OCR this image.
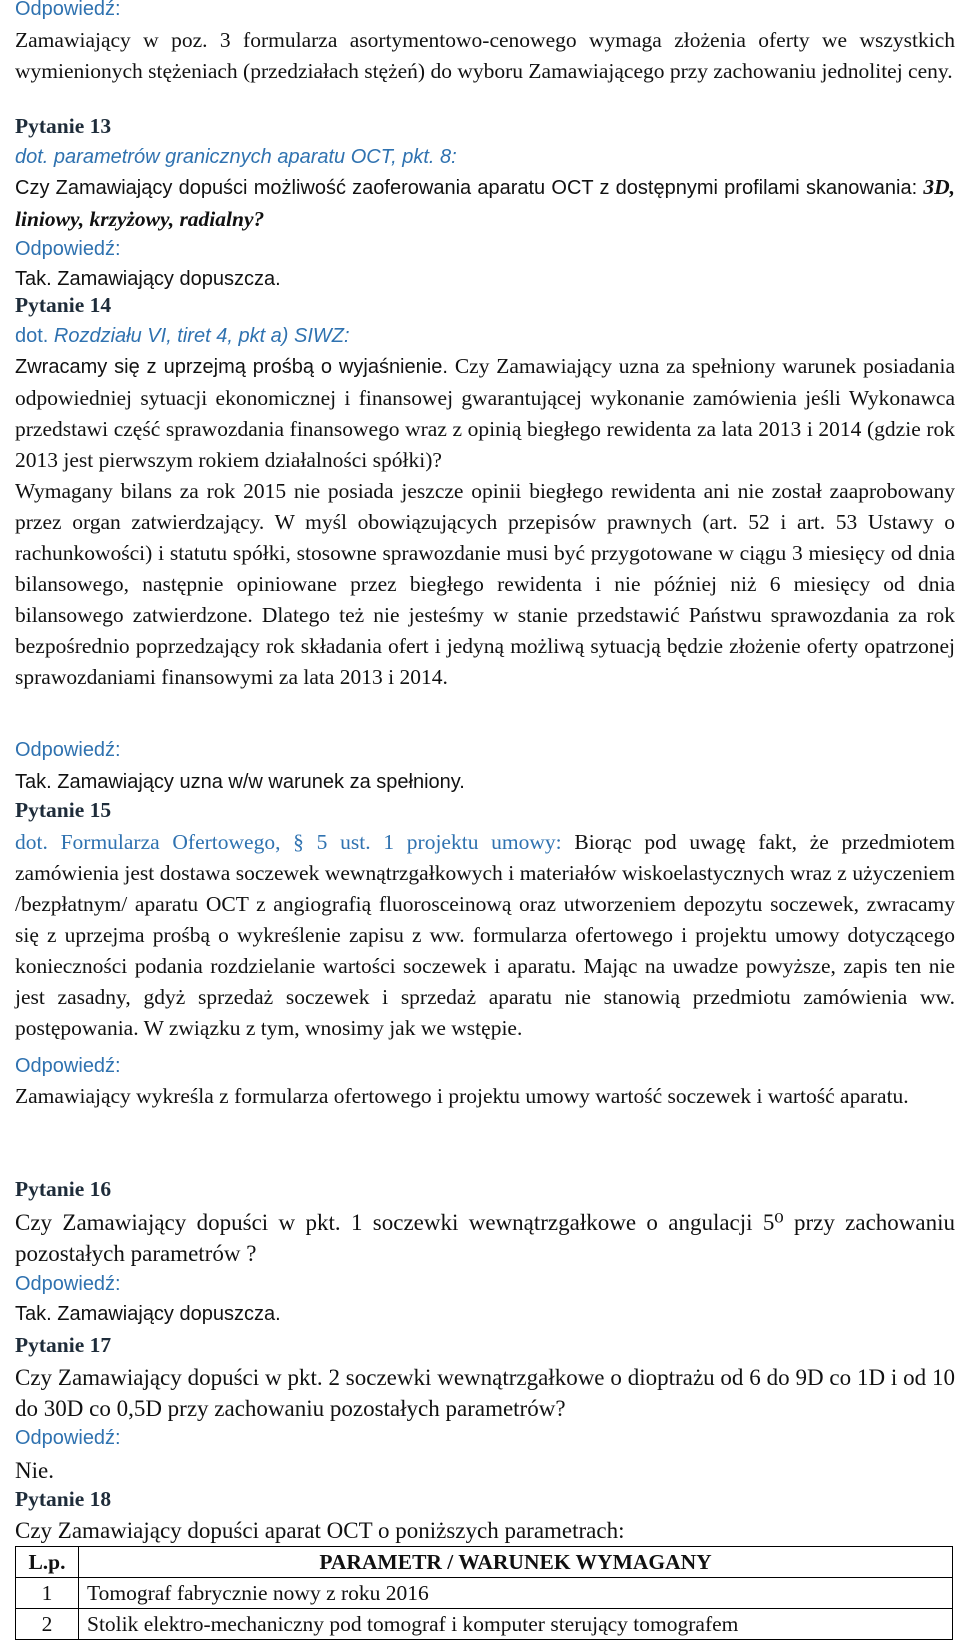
Odpowiedź:

Zamawiający w poz. 3 formularza asortymentowo-cenowego wymaga złożenia oferty we wszystkich wymienionych stężeniach (przedziałach stężeń) do wyboru Zamawiającego przy zachowaniu jednolitej ceny.

Pytanie 13

dot. parametrów granicznych aparatu OCT, pkt. 8:

Czy Zamawiający dopuści możliwość zaoferowania aparatu OCT z dostępnymi profilami skanowania: 3D, liniowy, krzyżowy, radialny?

Odpowiedź:

Tak. Zamawiający dopuszcza.

Pytanie 14

dot. Rozdziału VI, tiret 4, pkt a) SIWZ:

Zwracamy się z uprzejmą prośbą o wyjaśnienie. Czy Zamawiający uzna za spełniony warunek posiadania odpowiedniej sytuacji ekonomicznej i finansowej gwarantującej wykonanie zamówienia jeśli Wykonawca przedstawi część sprawozdania finansowego wraz z opinią biegłego rewidenta za lata 2013 i 2014 (gdzie rok 2013 jest pierwszym rokiem działalności spółki)?

Wymagany bilans za rok 2015 nie posiada jeszcze opinii biegłego rewidenta ani nie został zaaprobowany przez organ zatwierdzający. W myśl obowiązujących przepisów prawnych (art. 52 i art. 53 Ustawy o rachunkowości) i statutu spółki, stosowne sprawozdanie musi być przygotowane w ciągu 3 miesięcy od dnia bilansowego, następnie opiniowane przez biegłego rewidenta i nie później niż 6 miesięcy od dnia bilansowego zatwierdzone. Dlatego też nie jesteśmy w stanie przedstawić Państwu sprawozdania za rok bezpośrednio poprzedzający rok składania ofert i jedyną możliwą sytuacją będzie złożenie oferty opatrzonej sprawozdaniami finansowymi za lata 2013 i 2014.

Odpowiedź:

Tak. Zamawiający uzna w/w warunek za spełniony.

Pytanie 15

dot. Formularza Ofertowego, § 5 ust. 1 projektu umowy: Biorąc pod uwagę fakt, że przedmiotem zamówienia jest dostawa soczewek wewnątrzgałkowych i materiałów wiskoelastycznych wraz z użyczeniem /bezpłatnym/ aparatu OCT z angiografią fluorosceinową oraz utworzeniem depozytu soczewek, zwracamy się z uprzejma prośbą o wykreślenie zapisu z ww. formularza ofertowego i projektu umowy dotyczącego konieczności podania rozdzielanie wartości soczewek i aparatu. Mając na uwadze powyższe, zapis ten nie jest zasadny, gdyż sprzedaż soczewek i sprzedaż aparatu nie stanowią przedmiotu zamówienia ww. postępowania. W związku z tym, wnosimy jak we wstępie.

Odpowiedź:

Zamawiający wykreśla z formularza ofertowego i projektu umowy wartość soczewek i wartość aparatu.

Pytanie 16

Czy Zamawiający dopuści w pkt. 1 soczewki wewnątrzgałkowe o angulacji 5⁰ przy zachowaniu pozostałych parametrów ?

Odpowiedź:

Tak. Zamawiający dopuszcza.

Pytanie 17

Czy Zamawiający dopuści w pkt. 2 soczewki wewnątrzgałkowe o dioptrażu od 6 do 9D co 1D i od 10 do 30D co 0,5D przy zachowaniu pozostałych parametrów?

Odpowiedź:

Nie.

Pytanie 18

Czy Zamawiający dopuści aparat OCT o poniższych parametrach:

L.p.	PARAMETR / WARUNEK WYMAGANY
1	Tomograf fabrycznie nowy z roku 2016
2	Stolik elektro-mechaniczny pod tomograf i komputer sterujący tomografem
